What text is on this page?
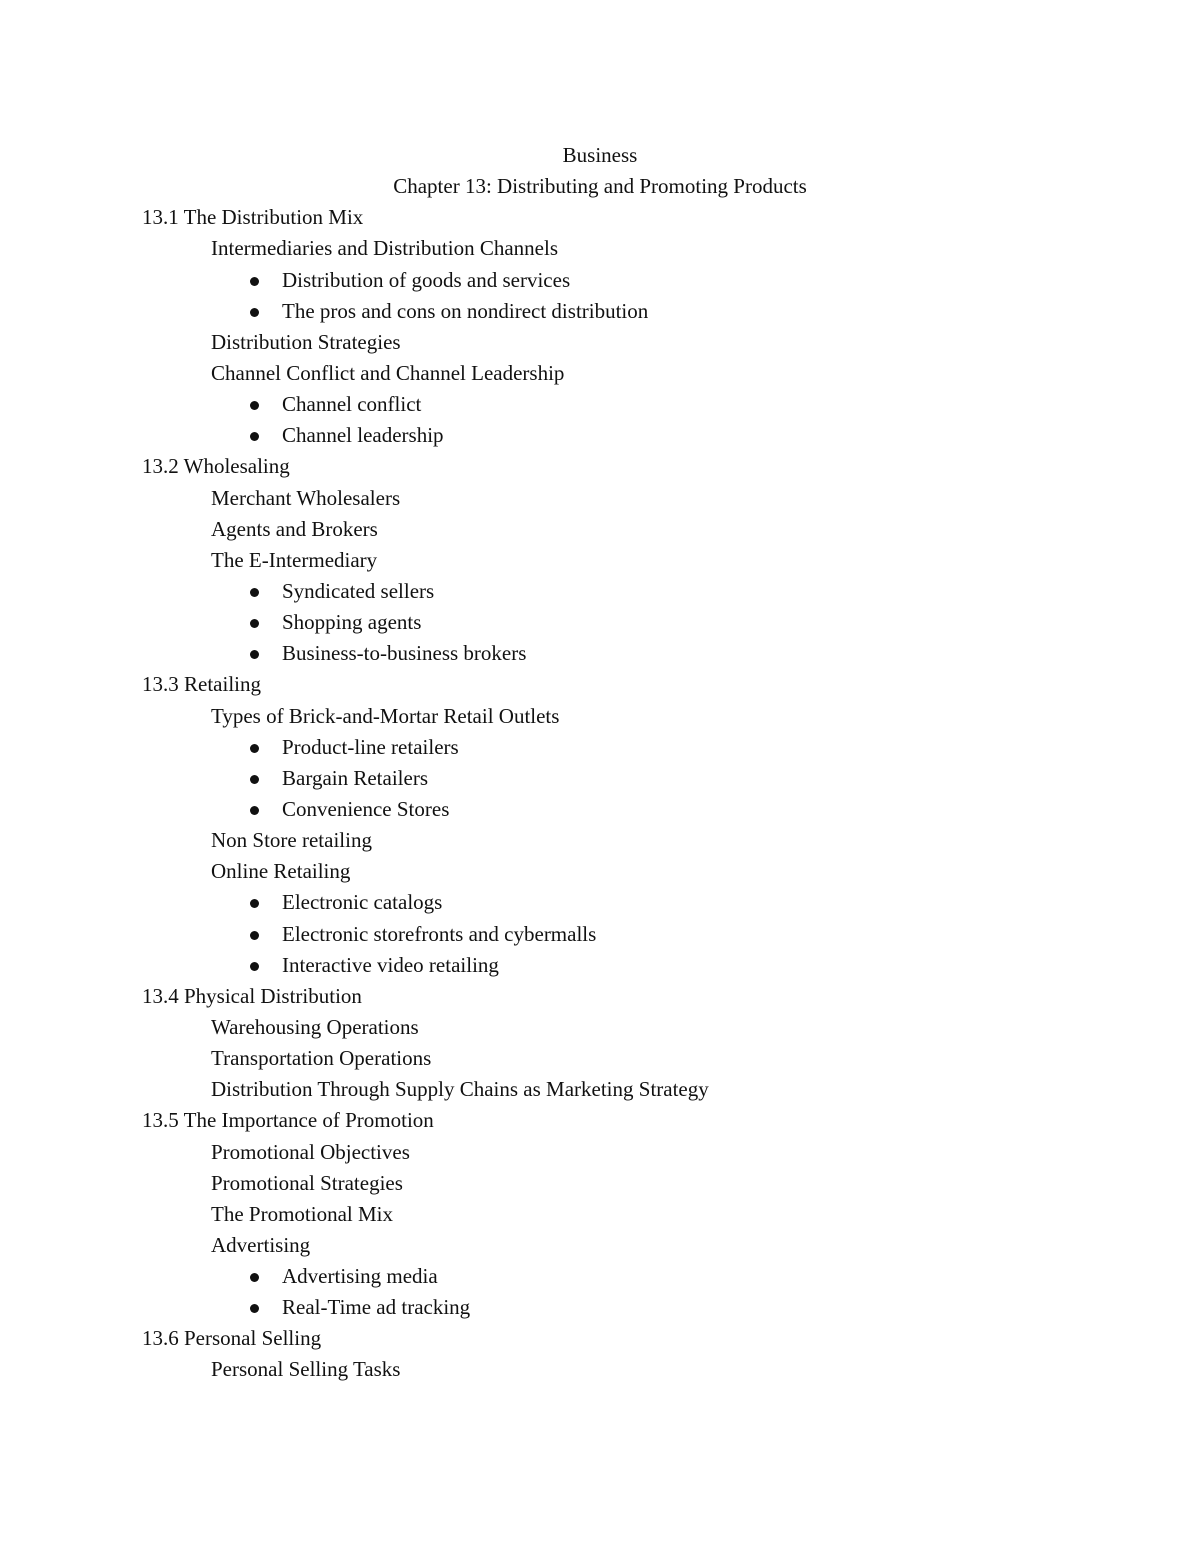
Business
Chapter 13: Distributing and Promoting Products
13.1 The Distribution Mix
Intermediaries and Distribution Channels
Distribution of goods and services
The pros and cons on nondirect distribution
Distribution Strategies
Channel Conflict and Channel Leadership
Channel conflict
Channel leadership
13.2 Wholesaling
Merchant Wholesalers
Agents and Brokers
The E-Intermediary
Syndicated sellers
Shopping agents
Business-to-business brokers
13.3 Retailing
Types of Brick-and-Mortar Retail Outlets
Product-line retailers
Bargain Retailers
Convenience Stores
Non Store retailing
Online Retailing
Electronic catalogs
Electronic storefronts and cybermalls
Interactive video retailing
13.4 Physical Distribution
Warehousing Operations
Transportation Operations
Distribution Through Supply Chains as Marketing Strategy
13.5 The Importance of Promotion
Promotional Objectives
Promotional Strategies
The Promotional Mix
Advertising
Advertising media
Real-Time ad tracking
13.6 Personal Selling
Personal Selling Tasks
